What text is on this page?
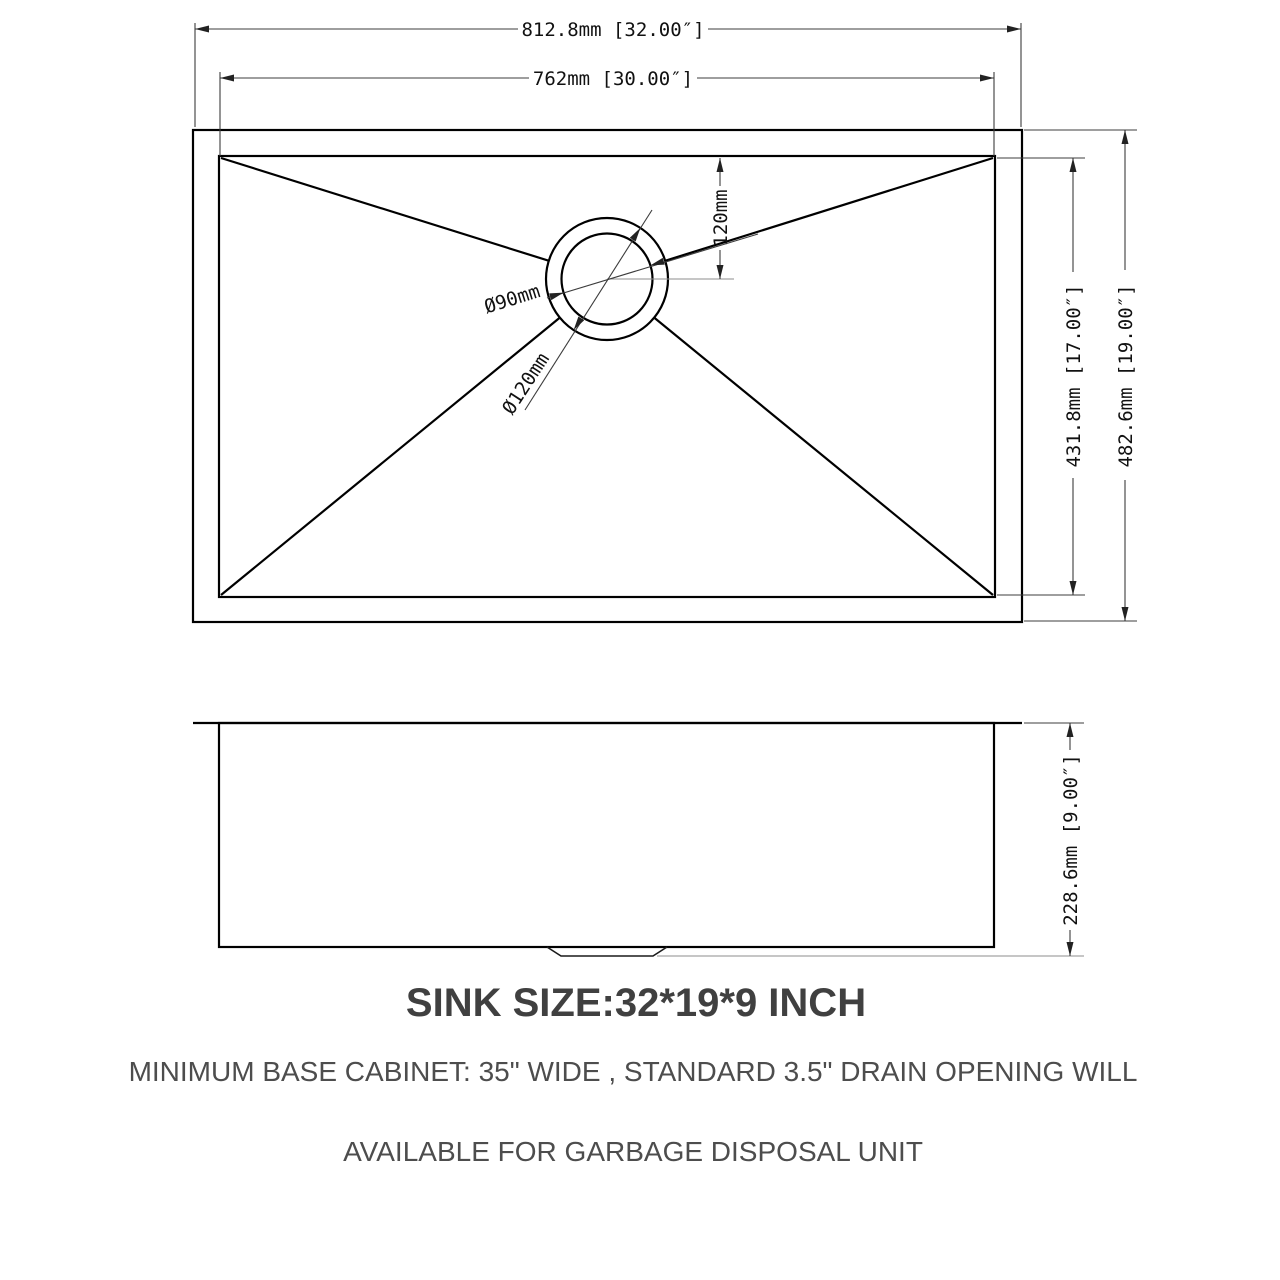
812.8mm [32.00″]
762mm [30.00″]
431.8mm [17.00″] 482.6mm [19.00″]
120mm
Ø90mm
Ø120mm
228.6mm [9.00″]
SINK SIZE:32*19*9 INCH
MINIMUM BASE CABINET: 35" WIDE , STANDARD 3.5" DRAIN OPENING WILL
AVAILABLE FOR GARBAGE DISPOSAL UNIT
